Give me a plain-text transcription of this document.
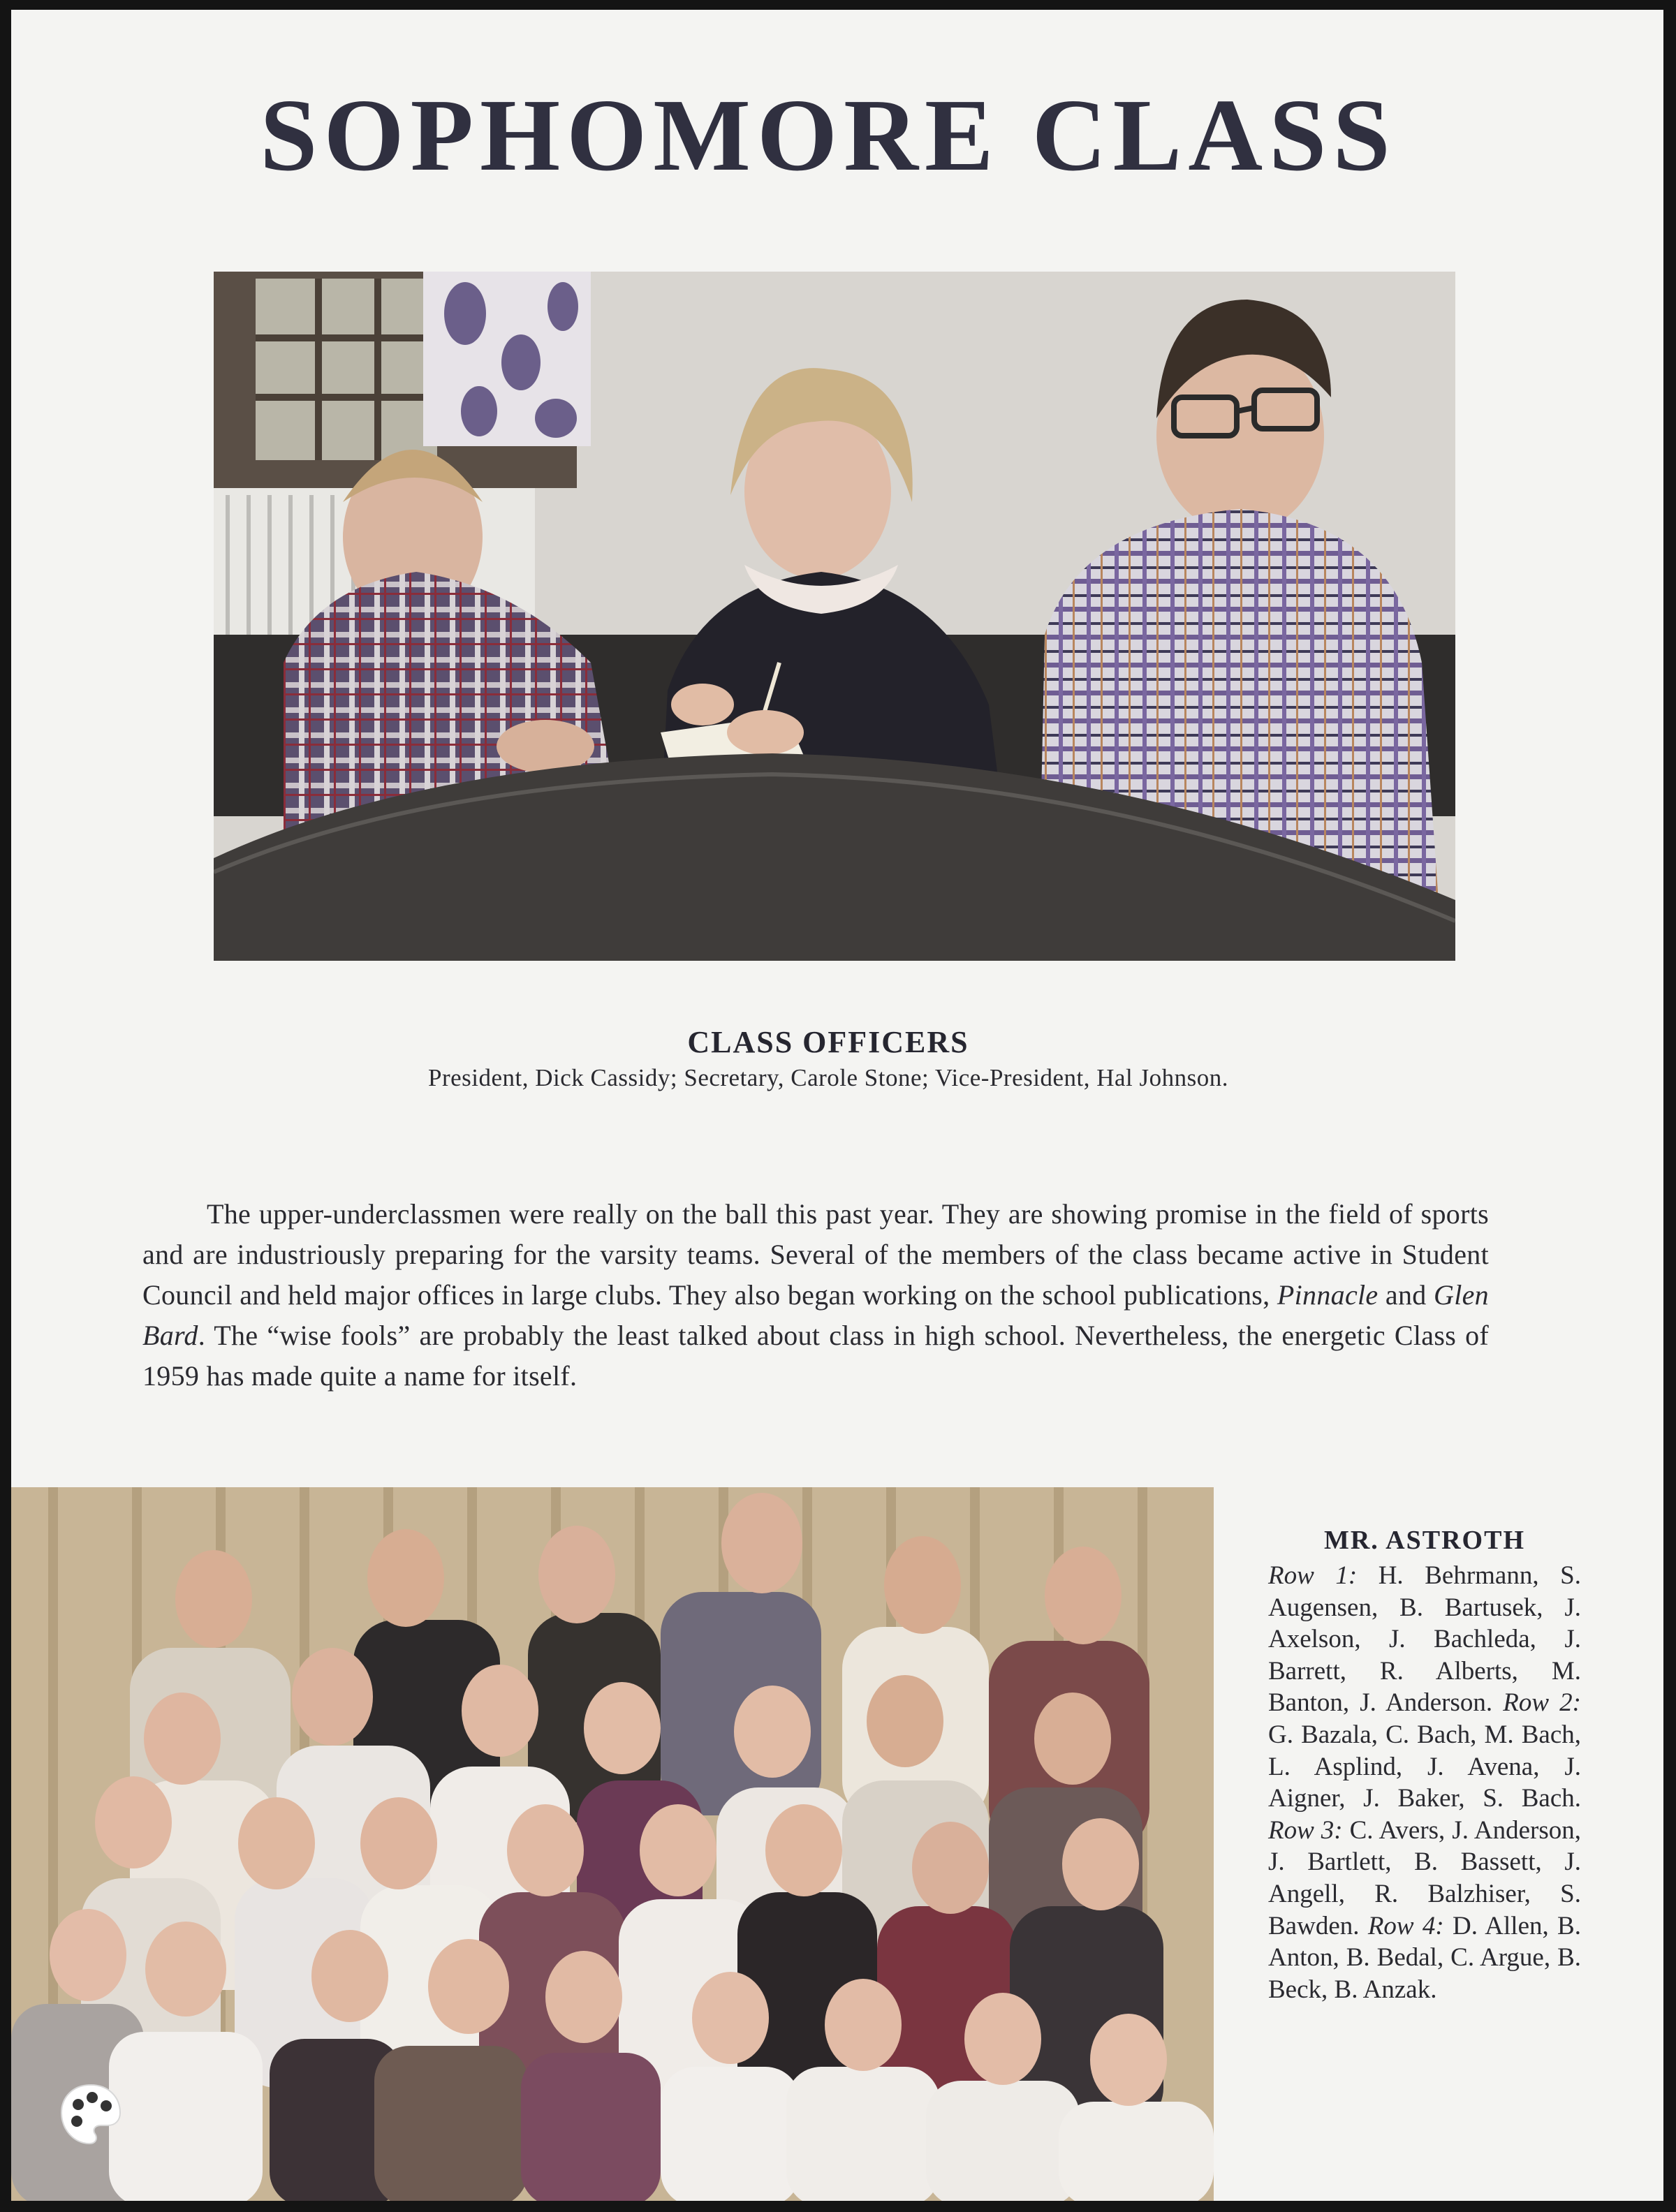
SOPHOMORE CLASS
CLASS OFFICERS
President, Dick Cassidy; Secretary, Carole Stone; Vice-President, Hal Johnson.

The upper-underclassmen were really on the ball this past year. They are showing promise in the field of sports and are industriously preparing for the varsity teams. Several of the members of the class became active in Student Council and held major offices in large clubs. They also began working on the school publications, Pinnacle and Glen Bard. The “wise fools” are probably the least talked about class in high school. Nevertheless, the energetic Class of 1959 has made quite a name for itself.

MR. ASTROTH
Row 1: H. Behrmann, S. Augensen, B. Bartusek, J. Axelson, J. Bachleda, J. Barrett, R. Alberts, M. Banton, J. Anderson. Row 2: G. Bazala, C. Bach, M. Bach, L. Asplind, J. Avena, J. Aigner, J. Baker, S. Bach. Row 3: C. Avers, J. Anderson, J. Bartlett, B. Bassett, J. Angell, R. Balzhiser, S. Bawden. Row 4: D. Allen, B. Anton, B. Bedal, C. Argue, B. Beck, B. Anzak.
